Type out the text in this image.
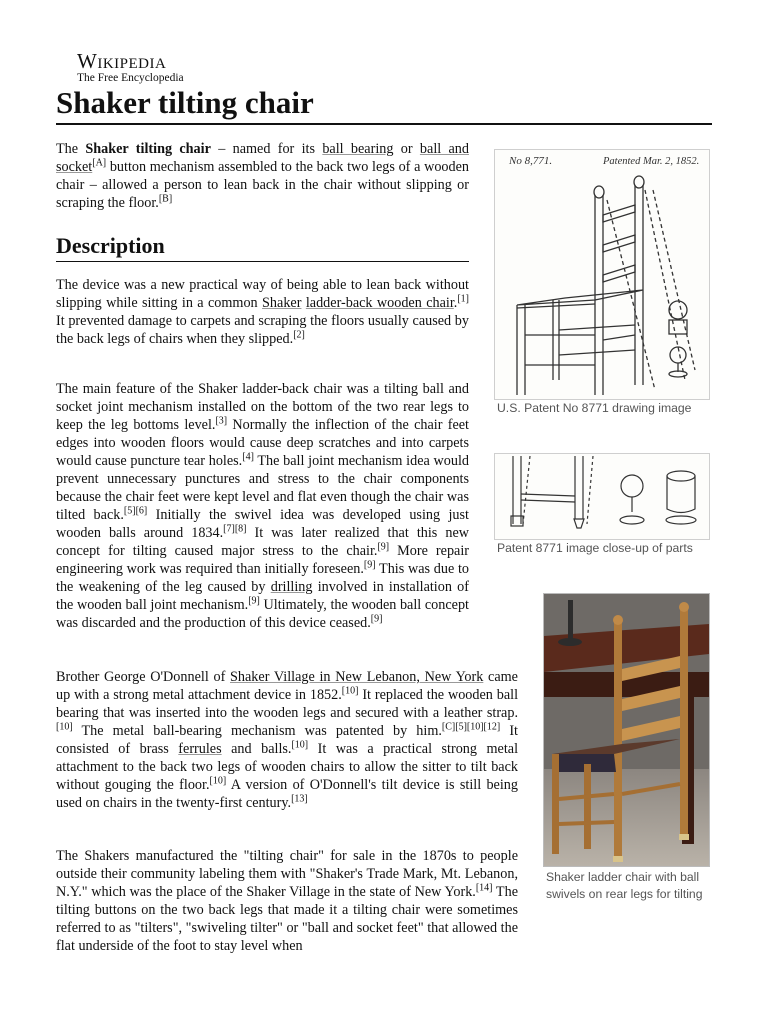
Wikipedia
The Free Encyclopedia
Shaker tilting chair

The Shaker tilting chair – named for its ball bearing or ball and socket[A] button mechanism assembled to the back two legs of a wooden chair – allowed a person to lean back in the chair without slipping or scraping the floor.[B]

Description

The device was a new practical way of being able to lean back without slipping while sitting in a common Shaker ladder-back wooden chair.[1] It prevented damage to carpets and scraping the floors usually caused by the back legs of chairs when they slipped.[2]

The main feature of the Shaker ladder-back chair was a tilting ball and socket joint mechanism installed on the bottom of the two rear legs to keep the leg bottoms level.[3] Normally the inflection of the chair feet edges into wooden floors would cause deep scratches and into carpets would cause puncture tear holes.[4] The ball joint mechanism idea would prevent unnecessary punctures and stress to the chair components because the chair feet were kept level and flat even though the chair was tilted back.[5][6] Initially the swivel idea was developed using just wooden balls around 1834.[7][8] It was later realized that this new concept for tilting caused major stress to the chair.[9] More repair engineering work was required than initially foreseen.[9] This was due to the weakening of the leg caused by drilling involved in installation of the wooden ball joint mechanism.[9] Ultimately, the wooden ball concept was discarded and the production of this device ceased.[9]

Brother George O'Donnell of Shaker Village in New Lebanon, New York came up with a strong metal attachment device in 1852.[10] It replaced the wooden ball bearing that was inserted into the wooden legs and secured with a leather strap.[10] The metal ball-bearing mechanism was patented by him.[C][5][10][12] It consisted of brass ferrules and balls.[10] It was a practical strong metal attachment to the back two legs of wooden chairs to allow the sitter to tilt back without gouging the floor.[10] A version of O'Donnell's tilt device is still being used on chairs in the twenty-first century.[13]

The Shakers manufactured the "tilting chair" for sale in the 1870s to people outside their community labeling them with "Shaker's Trade Mark, Mt. Lebanon, N.Y." which was the place of the Shaker Village in the state of New York.[14] The tilting buttons on the two back legs that made it a tilting chair were sometimes referred to as "tilters", "swiveling tilter" or "ball and socket feet" that allowed the flat underside of the foot to stay level when

No 8,771.	Patented Mar. 2, 1852.
U.S. Patent No 8771 drawing image
Patent 8771 image close-up of parts
Shaker ladder chair with ball swivels on rear legs for tilting
